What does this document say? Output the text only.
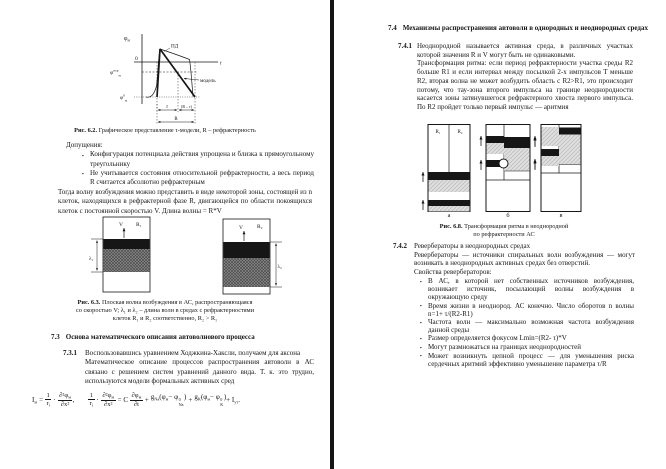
$\varphi_м$
0
t
$\varphi^{пор}_м$
$\varphi^0_м$
ПД
модель
τ	(R – τ)
R
Рис. 6.2. Графическое представление τ-модели, R – рефрактерность
Допущения:
▪ Конфигурация потенциала действия упрощена и близка к прямоугольному треугольнику
▪ Не учитывается состояния относительной рефрактерности, а весь период R считается абсолютно рефрактерным
Тогда волну возбуждения можно представить в виде некоторой зоны, состоящей из n клеток, находящихся в рефрактерной фазе R, двигающейся по области покоящихся клеток с постоянной скоростью V. Длина волны = R*V
V R₁
λ₁
V	R₂
λ₂
Рис. 6.3. Плоская волна возбуждения в АС, распространяющаяся
со скоростью V; λ₁ и λ₂ – длина волн в средах с рефрактерностями
клеток R₁ и R₂ соответственно, R₂ > R₁
7.3 Основа математического описания автоволнового процесса
7.3.1 Воспользовавшись уравнением Ходжкина-Хаксли, получаем для аксона
Математическое описание процессов распространения автоволн в АС связано с решением систем уравнений данного вида. Т. к. это трудно, используются модели формальных активных сред
$I_м = \frac{1}{r_i} \cdot \frac{\partial^2\varphi_м}{\text{∂x²}}$ , $\frac{1}{r_i} \cdot \frac{\partial^2\varphi_м}{\text{∂x²}} = C \frac{\partial\varphi_м}{\partial t} + g_{Na}(\varphi_м- \varphi$ 0
Na
) + $g_K(\varphi_м- \varphi$ 0
K
) + $I_{ут}$.
7.4 Механизмы распространения автоволн в однородных и неоднородных средах
7.4.1 Неоднородной называется активная среда, в различных участках которой значения R и V могут быть не одинаковыми.
Трансформация ритма: если период рефрактерности участка среды R2 больше R1 и если интервал между посылкой 2-х импульсов T меньше R2, вторая волна не может возбудить область с R2>R1, это происходит потому, что тау-зона второго импульса на границе неоднородности касается зоны затянувшегося рефрактерного хвоста первого импульса. По R2 пройдет только первый импульс — аритмия
R₁	R₂
а	б	в
Рис. 6.8. Трансформация ритма в неоднородной
по рефрактерности АС
7.4.2 Ревербераторы в неоднородных средах
Ревербераторы — источники спиральных волн возбуждения — могут возникать в неоднородных активных средах без отверстий.
Свойства ревербераторов:
▪ В АС, в которой нет собственных источников возбуждения, возникает источник, посылающий волны возбуждения в окружающую среду
▪ Время жизни в неоднород. АС конечно. Число оборотов n волны n=1+ τ/(R2-R1)
▪ Частота волн — максимально возможная частота возбуждения данной среды
▪ Размер определяется фокусом Lmin=(R2- τ)*V
▪ Могут размножаться на границах неоднородностей
▪ Может возникнуть цепной процесс — для уменьшения риска сердечных аритмий эффективно уменьшение параметра τ/R
